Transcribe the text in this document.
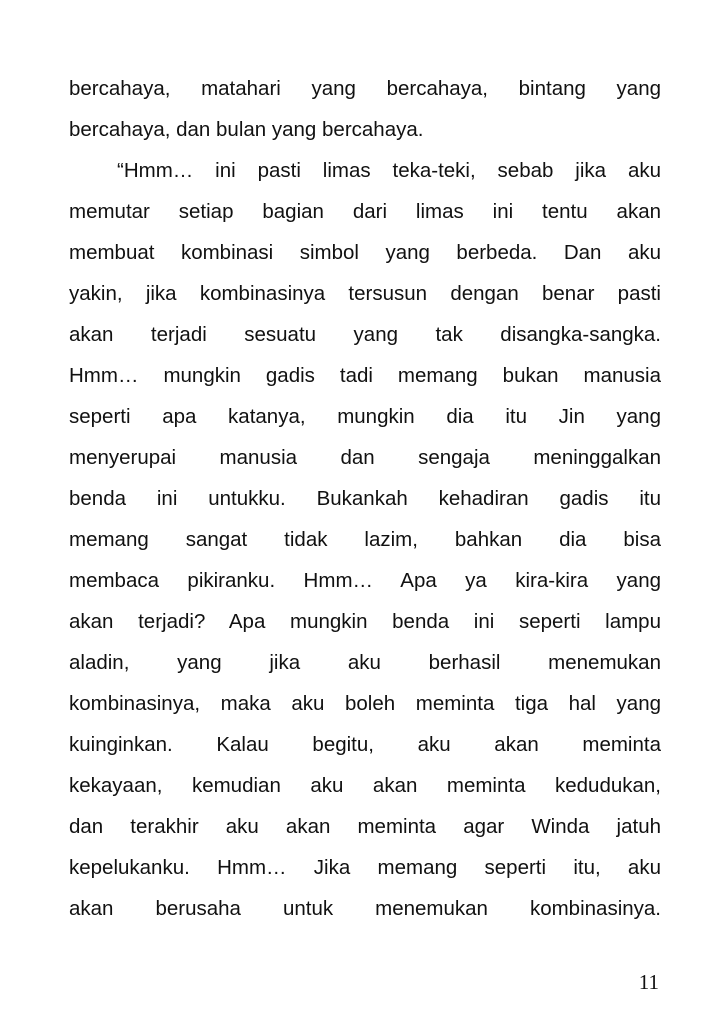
bercahaya, matahari yang bercahaya, bintang yang
bercahaya, dan bulan yang bercahaya.
“Hmm… ini pasti limas teka-teki, sebab jika aku
memutar setiap bagian dari limas ini tentu akan
membuat kombinasi simbol yang berbeda. Dan aku
yakin, jika kombinasinya tersusun dengan benar pasti
akan terjadi sesuatu yang tak disangka-sangka.
Hmm… mungkin gadis tadi memang bukan manusia
seperti apa katanya, mungkin dia itu Jin yang
menyerupai manusia dan sengaja meninggalkan
benda ini untukku. Bukankah kehadiran gadis itu
memang sangat tidak lazim, bahkan dia bisa
membaca pikiranku. Hmm… Apa ya kira-kira yang
akan terjadi? Apa mungkin benda ini seperti lampu
aladin, yang jika aku berhasil menemukan
kombinasinya, maka aku boleh meminta tiga hal yang
kuinginkan. Kalau begitu, aku akan meminta
kekayaan, kemudian aku akan meminta kedudukan,
dan terakhir aku akan meminta agar Winda jatuh
kepelukanku. Hmm… Jika memang seperti itu, aku
akan berusaha untuk menemukan kombinasinya.
11
